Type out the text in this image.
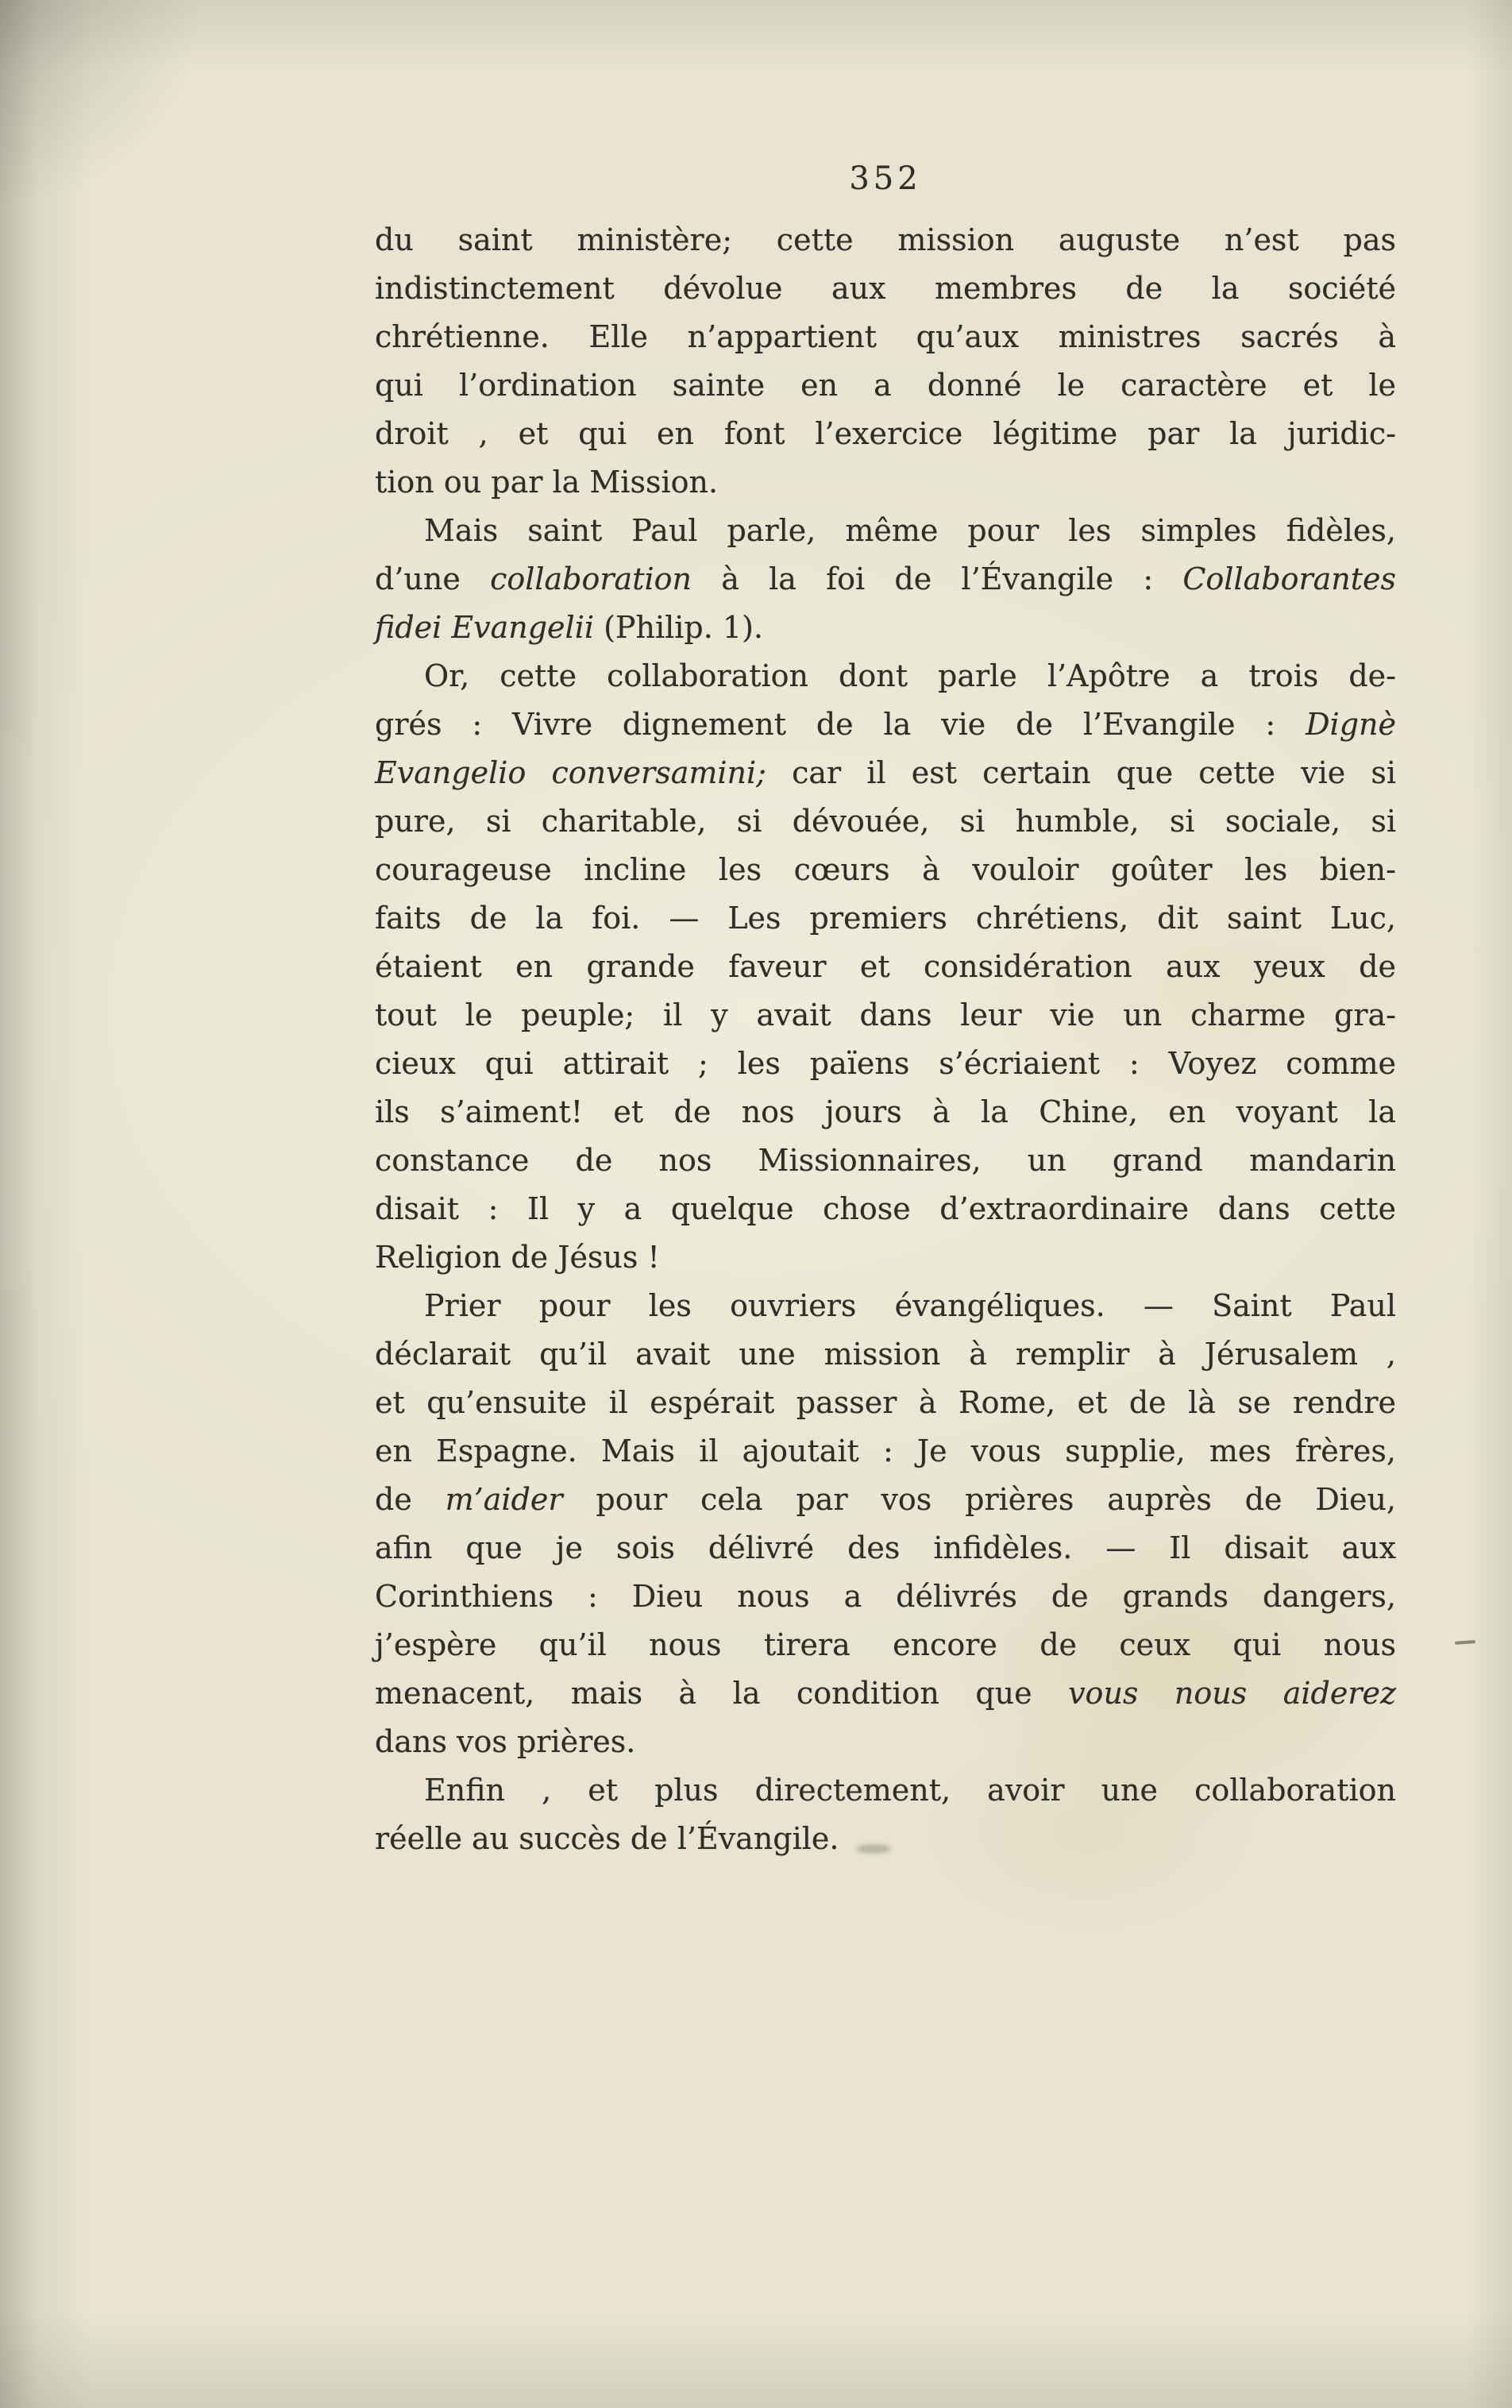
352
du saint ministère; cette mission auguste n’est pas
indistinctement dévolue aux membres de la société
chrétienne. Elle n’appartient qu’aux ministres sacrés à
qui l’ordination sainte en a donné le caractère et le
droit , et qui en font l’exercice légitime par la juridic-
tion ou par la Mission.
Mais saint Paul parle, même pour les simples fidèles,
d’une collaboration à la foi de l’Évangile : Collaborantes
fidei Evangelii (Philip. 1).
Or, cette collaboration dont parle l’Apôtre a trois de-
grés : Vivre dignement de la vie de l’Evangile : Dignè
Evangelio conversamini; car il est certain que cette vie si
pure, si charitable, si dévouée, si humble, si sociale, si
courageuse incline les cœurs à vouloir goûter les bien-
faits de la foi. — Les premiers chrétiens, dit saint Luc,
étaient en grande faveur et considération aux yeux de
tout le peuple; il y avait dans leur vie un charme gra-
cieux qui attirait ; les païens s’écriaient : Voyez comme
ils s’aiment! et de nos jours à la Chine, en voyant la
constance de nos Missionnaires, un grand mandarin
disait : Il y a quelque chose d’extraordinaire dans cette
Religion de Jésus !
Prier pour les ouvriers évangéliques. — Saint Paul
déclarait qu’il avait une mission à remplir à Jérusalem ,
et qu’ensuite il espérait passer à Rome, et de là se rendre
en Espagne. Mais il ajoutait : Je vous supplie, mes frères,
de m’aider pour cela par vos prières auprès de Dieu,
afin que je sois délivré des infidèles. — Il disait aux
Corinthiens : Dieu nous a délivrés de grands dangers,
j’espère qu’il nous tirera encore de ceux qui nous
menacent, mais à la condition que vous nous aiderez
dans vos prières.
Enfin , et plus directement, avoir une collaboration
réelle au succès de l’Évangile.
